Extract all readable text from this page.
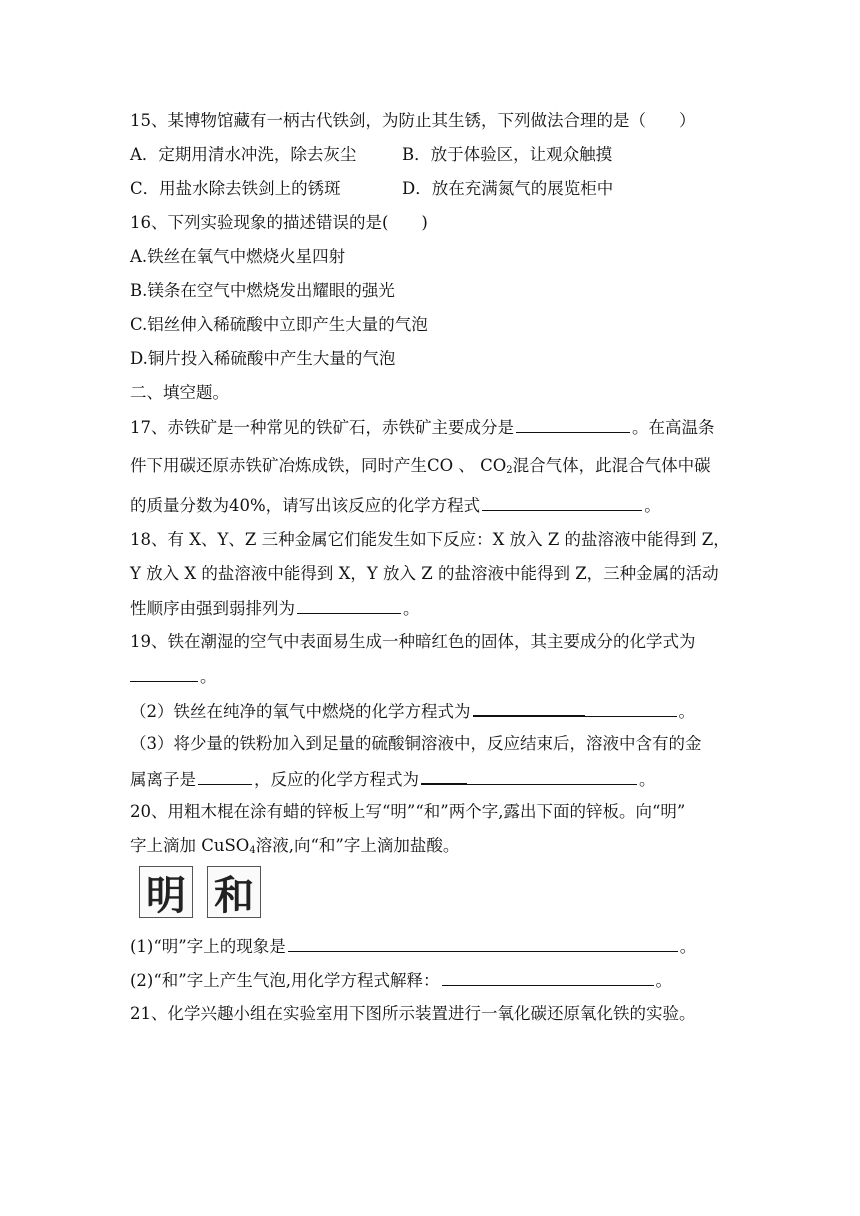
15、某博物馆藏有一柄古代铁剑，为防止其生锈，下列做法合理的是（　　）
A．定期用清水冲洗，除去灰尘	B．放于体验区，让观众触摸
C．用盐水除去铁剑上的锈斑	D．放在充满氮气的展览柜中
16、下列实验现象的描述错误的是(　　)
A.铁丝在氧气中燃烧火星四射
B.镁条在空气中燃烧发出耀眼的强光
C.铝丝伸入稀硫酸中立即产生大量的气泡
D.铜片投入稀硫酸中产生大量的气泡
二、填空题。
17、赤铁矿是一种常见的铁矿石，赤铁矿主要成分是	。在高温条
件下用碳还原赤铁矿冶炼成铁，同时产生CO 、 $CO_2$混合气体，此混合气体中碳
的质量分数为40%，请写出该反应的化学方程式	。
18、有 X、Y、Z 三种金属它们能发生如下反应：X 放入 Z 的盐溶液中能得到 Z，
Y 放入 X 的盐溶液中能得到 X，Y 放入 Z 的盐溶液中能得到 Z，三种金属的活动
性顺序由强到弱排列为	。
19、铁在潮湿的空气中表面易生成一种暗红色的固体，其主要成分的化学式为
。
（2）铁丝在纯净的氧气中燃烧的化学方程式为	。
（3）将少量的铁粉加入到足量的硫酸铜溶液中，反应结束后，溶液中含有的金
属离子是	，反应的化学方程式为	。
20、用粗木棍在涂有蜡的锌板上写“明”“和”两个字,露出下面的锌板。向“明”
字上滴加 CuSO$_4$溶液,向“和”字上滴加盐酸。
明 和
(1)“明”字上的现象是	。
(2)“和”字上产生气泡,用化学方程式解释：	。
21、化学兴趣小组在实验室用下图所示装置进行一氧化碳还原氧化铁的实验。
